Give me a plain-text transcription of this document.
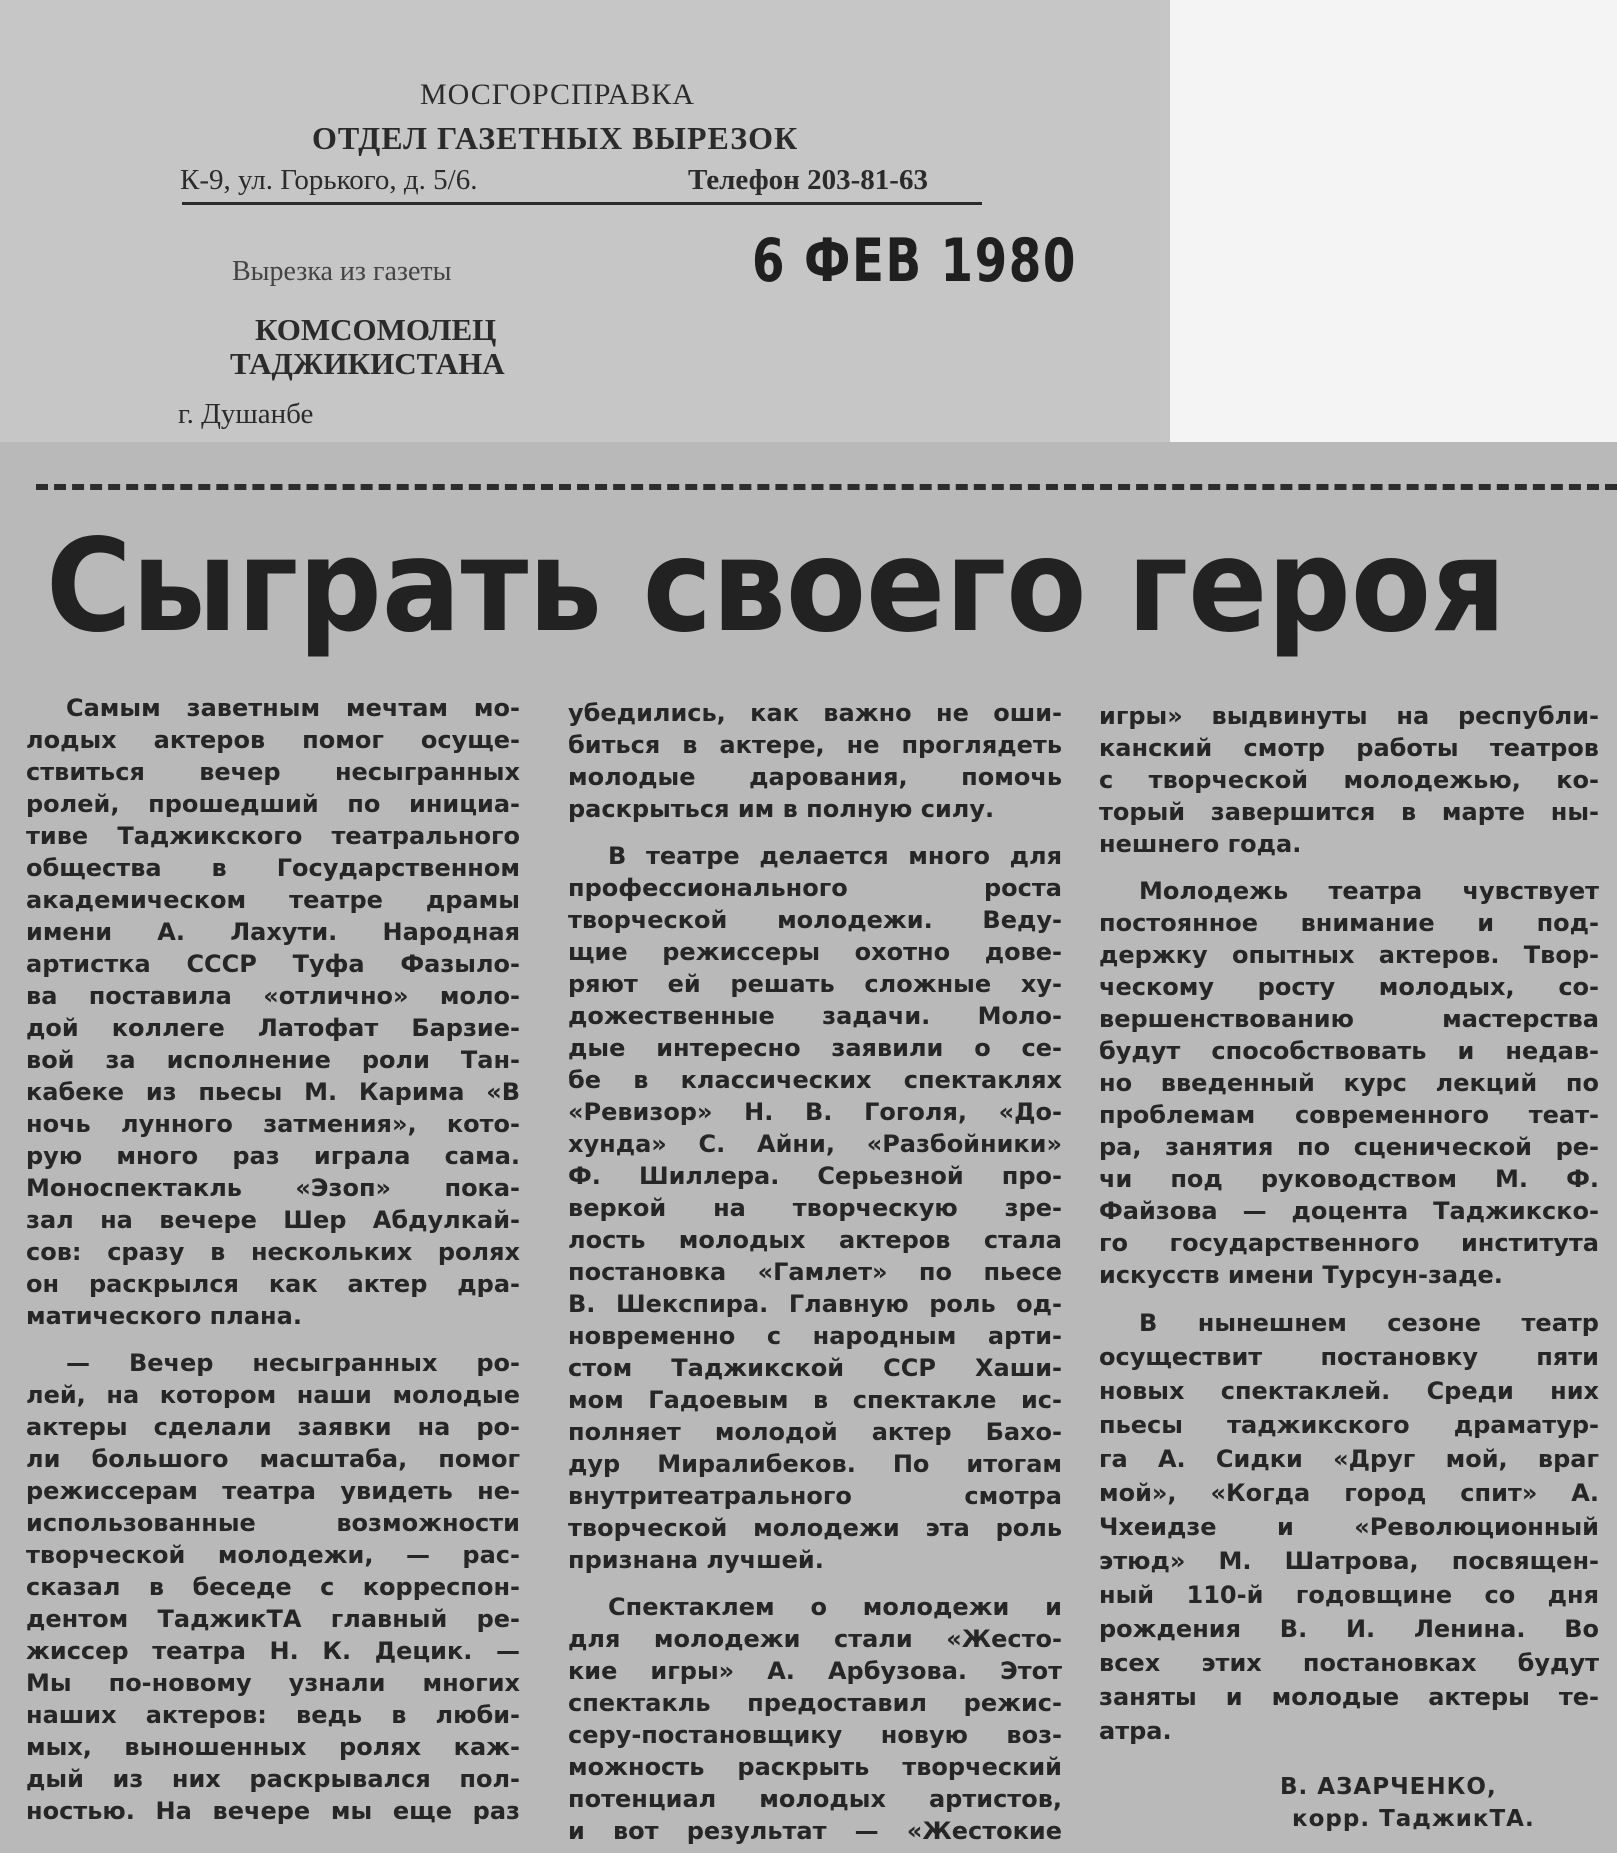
МОСГОРСПРАВКА
ОТДЕЛ ГАЗЕТНЫХ ВЫРЕЗОК
К-9, ул. Горького, д. 5/6.	Телефон 203-81-63
Вырезка из газеты
КОМСОМОЛЕЦ
ТАДЖИКИСТАНА
г. Душанбе
6 ФЕВ 1980
Сыграть своего героя
Самым заветным мечтам мо-
лодых актеров помог осуще-
ствиться вечер несыгранных
ролей, прошедший по инициа-
тиве Таджикского театрального
общества в Государственном
академическом театре драмы
имени А. Лахути. Народная
артистка СССР Туфа Фазыло-
ва поставила «отлично» моло-
дой коллеге Латофат Барзие-
вой за исполнение роли Тан-
кабеке из пьесы М. Карима «В
ночь лунного затмения», кото-
рую много раз играла сама.
Моноспектакль «Эзоп» пока-
зал на вечере Шер Абдулкай-
сов: сразу в нескольких ролях
он раскрылся как актер дра-
матического плана.
— Вечер несыгранных ро-
лей, на котором наши молодые
актеры сделали заявки на ро-
ли большого масштаба, помог
режиссерам театра увидеть не-
использованные возможности
творческой молодежи, — рас-
сказал в беседе с корреспон-
дентом ТаджикТА главный ре-
жиссер театра Н. К. Децик. —
Мы по-новому узнали многих
наших актеров: ведь в люби-
мых, выношенных ролях каж-
дый из них раскрывался пол-
ностью. На вечере мы еще раз
убедились, как важно не оши-
биться в актере, не проглядеть
молодые дарования, помочь
раскрыться им в полную силу.
В театре делается много для
профессионального роста
творческой молодежи. Веду-
щие режиссеры охотно дове-
ряют ей решать сложные ху-
дожественные задачи. Моло-
дые интересно заявили о се-
бе в классических спектаклях
«Ревизор» Н. В. Гоголя, «До-
хунда» С. Айни, «Разбойники»
Ф. Шиллера. Серьезной про-
веркой на творческую зре-
лость молодых актеров стала
постановка «Гамлет» по пьесе
В. Шекспира. Главную роль од-
новременно с народным арти-
стом Таджикской ССР Хаши-
мом Гадоевым в спектакле ис-
полняет молодой актер Бахо-
дур Миралибеков. По итогам
внутритеатрального смотра
творческой молодежи эта роль
признана лучшей.
Спектаклем о молодежи и
для молодежи стали «Жесто-
кие игры» А. Арбузова. Этот
спектакль предоставил режис-
серу-постановщику новую воз-
можность раскрыть творческий
потенциал молодых артистов,
и вот результат — «Жестокие
игры» выдвинуты на республи-
канский смотр работы театров
с творческой молодежью, ко-
торый завершится в марте ны-
нешнего года.
Молодежь театра чувствует
постоянное внимание и под-
держку опытных актеров. Твор-
ческому росту молодых, со-
вершенствованию мастерства
будут способствовать и недав-
но введенный курс лекций по
проблемам современного теат-
ра, занятия по сценической ре-
чи под руководством М. Ф.
Файзова — доцента Таджикско-
го государственного института
искусств имени Турсун-заде.
В нынешнем сезоне театр
осуществит постановку пяти
новых спектаклей. Среди них
пьесы таджикского драматур-
га А. Сидки «Друг мой, враг
мой», «Когда город спит» А.
Чхеидзе и «Революционный
этюд» М. Шатрова, посвящен-
ный 110-й годовщине со дня
рождения В. И. Ленина. Во
всех этих постановках будут
заняты и молодые актеры те-
атра.
В. АЗАРЧЕНКО,
корр. ТаджикТА.
